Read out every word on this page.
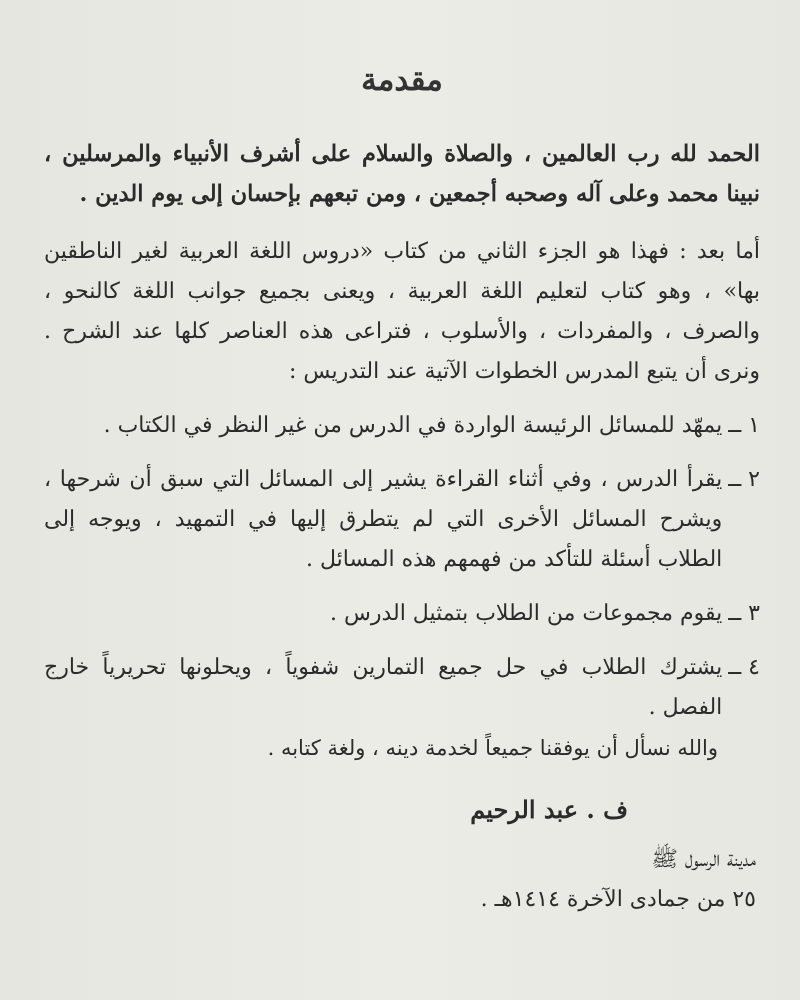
مقدمة

الحمد لله رب العالمين ، والصلاة والسلام على أشرف الأنبياء والمرسلين ، نبينا محمد وعلى آله وصحبه أجمعين ، ومن تبعهم بإحسان إلى يوم الدين .

أما بعد : فهذا هو الجزء الثاني من كتاب «دروس اللغة العربية لغير الناطقين بها» ، وهو كتاب لتعليم اللغة العربية ، ويعنى بجميع جوانب اللغة كالنحو ، والصرف ، والمفردات ، والأسلوب ، فتراعى هذه العناصر كلها عند الشرح . ونرى أن يتبع المدرس الخطوات الآتية عند التدريس :

١ ــ
يمهّد للمسائل الرئيسة الواردة في الدرس من غير النظر في الكتاب .
٢ ــ
يقرأ الدرس ، وفي أثناء القراءة يشير إلى المسائل التي سبق أن شرحها ، ويشرح المسائل الأخرى التي لم يتطرق إليها في التمهيد ، ويوجه إلى الطلاب أسئلة للتأكد من فهمهم هذه المسائل .
٣ ــ
يقوم مجموعات من الطلاب بتمثيل الدرس .
٤ ــ
يشترك الطلاب في حل جميع التمارين شفوياً ، ويحلونها تحريرياً خارج الفصل .

والله نسأل أن يوفقنا جميعاً لخدمة دينه ، ولغة كتابه .

ف . عبد الرحيم

مدينة الرسول ﷺ

٢٥ من جمادى الآخرة ١٤١٤هـ .
